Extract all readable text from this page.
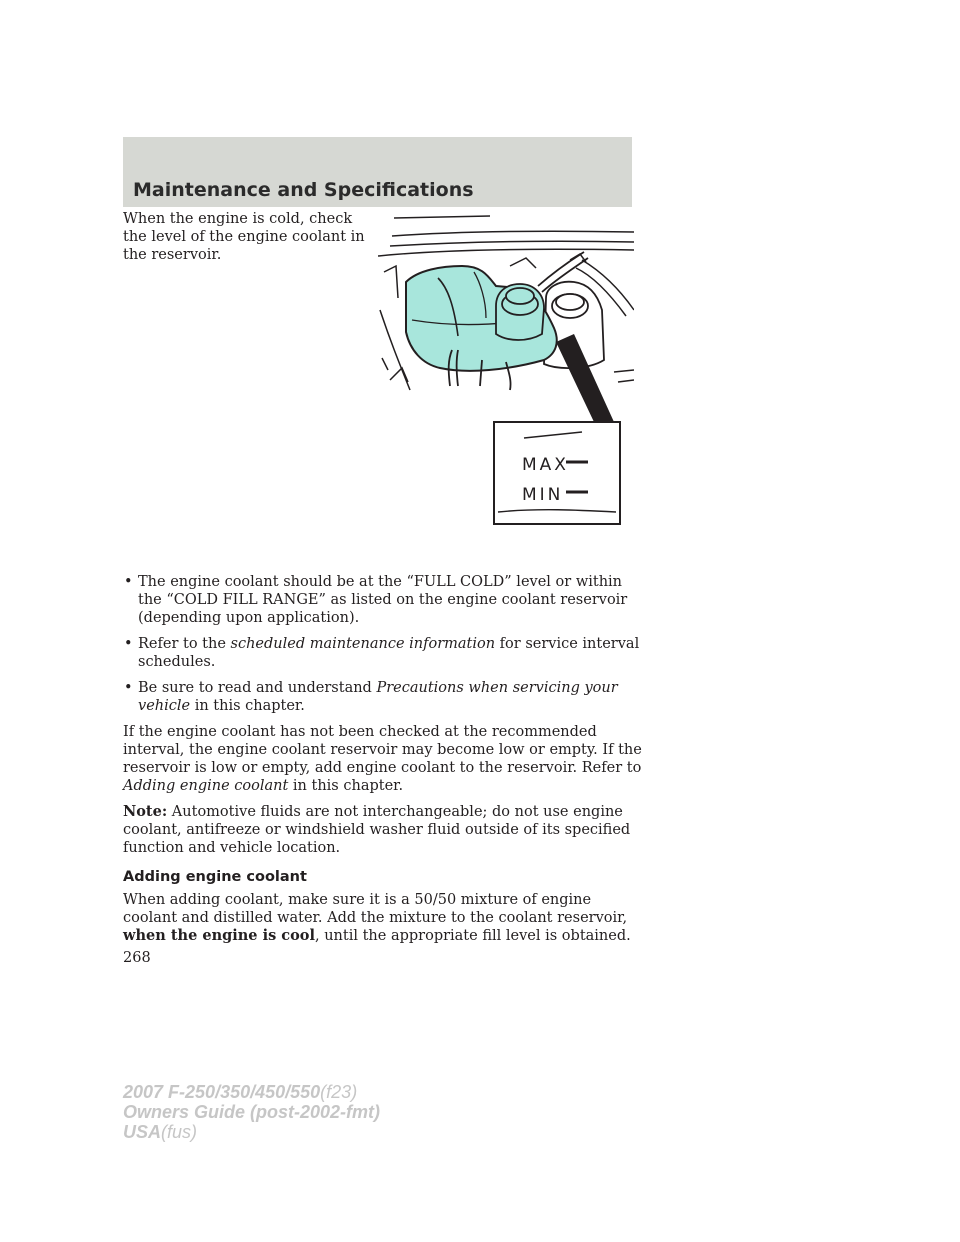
Maintenance and Specifications

When the engine is cold, check the level of the engine coolant in the reservoir.

MAX
MIN
• The engine coolant should be at the “FULL COLD” level or within the “COLD FILL RANGE” as listed on the engine coolant reservoir (depending upon application).
• Refer to the scheduled maintenance information for service interval schedules.
• Be sure to read and understand Precautions when servicing your vehicle in this chapter.

If the engine coolant has not been checked at the recommended interval, the engine coolant reservoir may become low or empty. If the reservoir is low or empty, add engine coolant to the reservoir. Refer to Adding engine coolant in this chapter.

Note: Automotive fluids are not interchangeable; do not use engine coolant, antifreeze or windshield washer fluid outside of its specified function and vehicle location.

Adding engine coolant

When adding coolant, make sure it is a 50/50 mixture of engine coolant and distilled water. Add the mixture to the coolant reservoir, when the engine is cool, until the appropriate fill level is obtained.

268
2007 F-250/350/450/550(f23)
Owners Guide (post-2002-fmt)
USA(fus)
